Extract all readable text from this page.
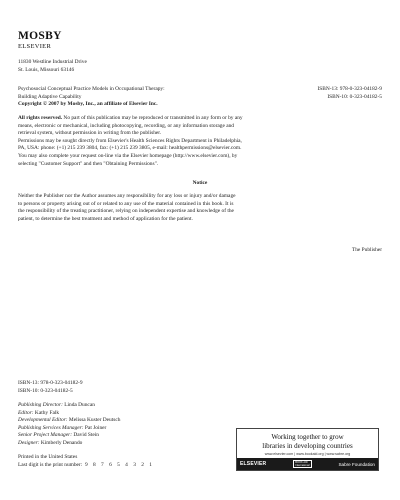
MOSBY
ELSEVIER
11830 Westline Industrial Drive
St. Louis, Missouri 63146
Psychosocial Conceptual Practice Models in Occupational Therapy:
Building Adaptive Capability
Copyright © 2007 by Mosby, Inc., an affiliate of Elsevier Inc.
ISBN-13: 978-0-323-04182-9
ISBN-10: 0-323-04182-5
All rights reserved. No part of this publication may be reproduced or transmitted in any form or by any
means, electronic or mechanical, including photocopying, recording, or any information storage and
retrieval system, without permission in writing from the publisher.
Permissions may be sought directly from Elsevier's Health Sciences Rights Department in Philadelphia,
PA, USA: phone: (+1) 215 239 3804, fax: (+1) 215 239 3805, e-mail: healthpermissions@elsevier.com.
You may also complete your request on-line via the Elsevier homepage (http://www.elsevier.com), by
selecting "Customer Support" and then "Obtaining Permissions".
Notice
Neither the Publisher nor the Author assumes any responsibility for any loss or injury and/or damage
to persons or property arising out of or related to any use of the material contained in this book. It is
the responsibility of the treating practitioner, relying on independent expertise and knowledge of the
patient, to determine the best treatment and method of application for the patient.
The Publisher
ISBN-13: 978-0-323-04182-9
ISBN-10: 0-323-04182-5
Publishing Director: Linda Duncan
Editor: Kathy Falk
Developmental Editor: Melissa Kuster Deutsch
Publishing Services Manager: Pat Joiner
Senior Project Manager: David Stein
Designer: Kimberly Denando
Printed in the United States
Last digit is the print number: 9 8 7 6 5 4 3 2 1
Working together to grow
libraries in developing countries
www.elsevier.com | www.bookaid.org | www.sabre.org
ELSEVIER	BOOK AID
International	Sabre Foundation
